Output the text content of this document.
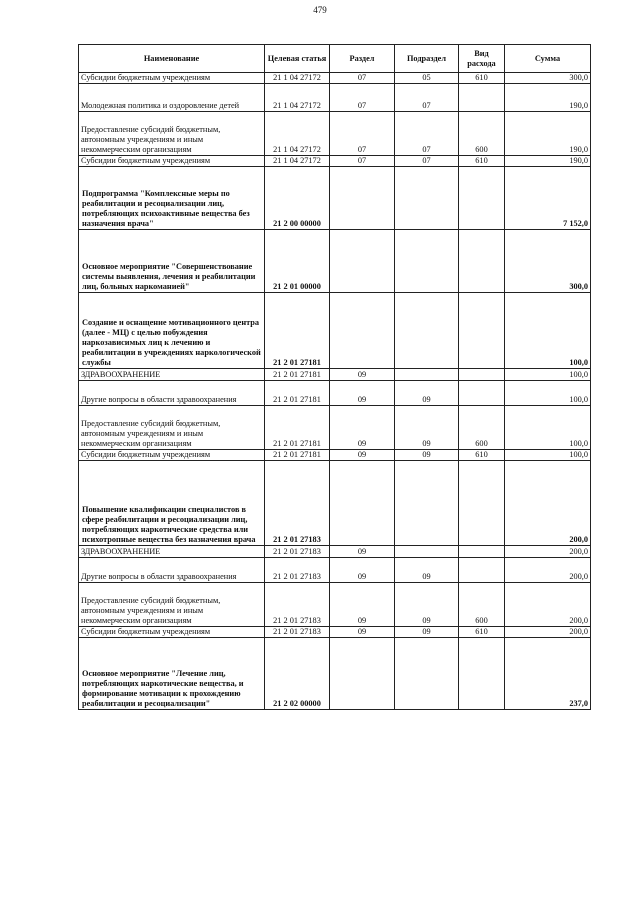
479
Наименование	Целевая статья	Раздел	Подраздел	Вид расхода	Сумма
Субсидии бюджетным учреждениям	21 1 04 27172	07	05	610	300,0
Молодежная политика и оздоровление детей	21 1 04 27172	07	07		190,0
Предоставление субсидий бюджетным, автономным учреждениям и иным некоммерческим организациям	21 1 04 27172	07	07	600	190,0
Субсидии бюджетным учреждениям	21 1 04 27172	07	07	610	190,0
Подпрограмма "Комплексные меры по реабилитации и ресоциализации лиц, потребляющих психоактивные вещества без назначения врача"	21 2 00 00000				7 152,0
Основное мероприятие "Совершенствование системы выявления, лечения и реабилитации лиц, больных наркоманией"	21 2 01 00000				300,0
Создание и оснащение мотивационного центра (далее - МЦ) с целью побуждения наркозависимых лиц к лечению и реабилитации в учреждениях наркологической службы	21 2 01 27181				100,0
ЗДРАВООХРАНЕНИЕ	21 2 01 27181	09			100,0
Другие вопросы в области здравоохранения	21 2 01 27181	09	09		100,0
Предоставление субсидий бюджетным, автономным учреждениям и иным некоммерческим организациям	21 2 01 27181	09	09	600	100,0
Субсидии бюджетным учреждениям	21 2 01 27181	09	09	610	100,0
Повышение квалификации специалистов в сфере реабилитации и ресоциализации лиц, потребляющих наркотические средства или психотропные вещества без назначения врача	21 2 01 27183				200,0
ЗДРАВООХРАНЕНИЕ	21 2 01 27183	09			200,0
Другие вопросы в области здравоохранения	21 2 01 27183	09	09		200,0
Предоставление субсидий бюджетным, автономным учреждениям и иным некоммерческим организациям	21 2 01 27183	09	09	600	200,0
Субсидии бюджетным учреждениям	21 2 01 27183	09	09	610	200,0
Основное мероприятие "Лечение лиц, потребляющих наркотические вещества, и формирование мотивации к прохождению реабилитации и ресоциализации"	21 2 02 00000				237,0
